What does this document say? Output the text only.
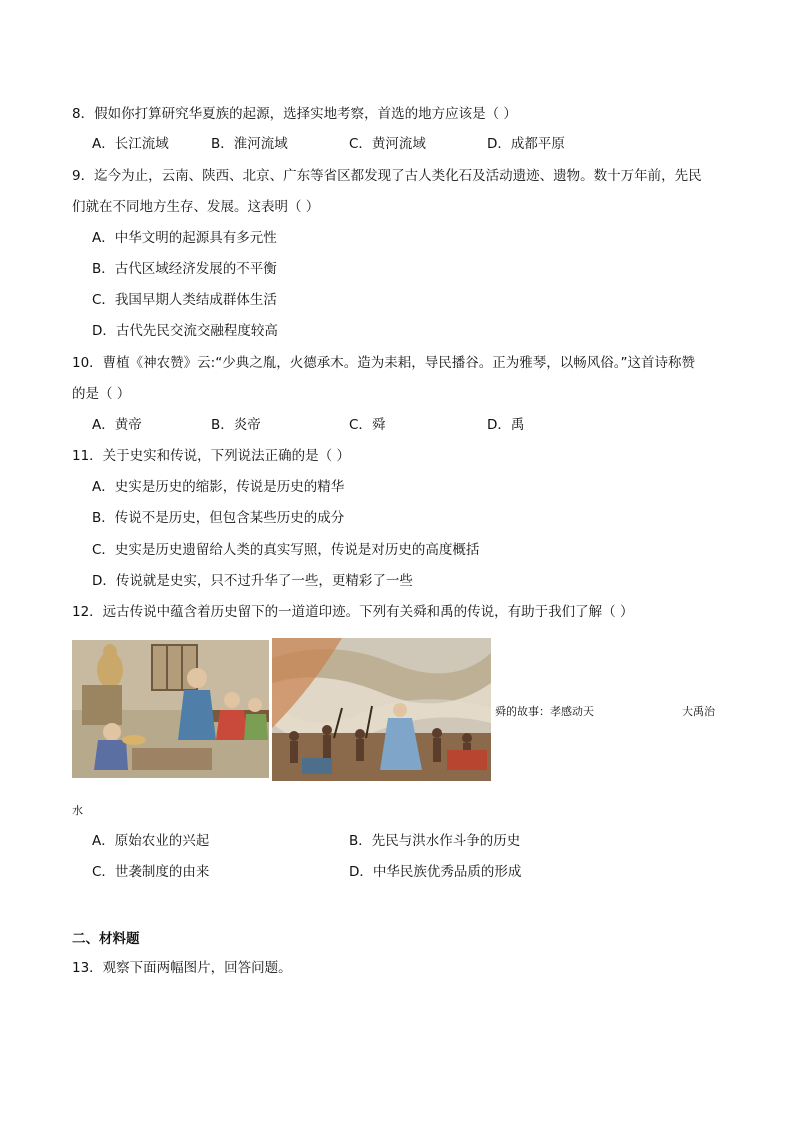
8．假如你打算研究华夏族的起源，选择实地考察，首选的地方应该是（ ）
A．长江流域	B．淮河流域	C．黄河流域	D．成都平原
9．迄今为止，云南、陕西、北京、广东等省区都发现了古人类化石及活动遗迹、遗物。数十万年前，先民
们就在不同地方生存、发展。这表明（ ）
A．中华文明的起源具有多元性
B．古代区域经济发展的不平衡
C．我国早期人类结成群体生活
D．古代先民交流交融程度较高
10．曹植《神农赞》云:“少典之胤，火德承木。造为耒耜，导民播谷。正为雅琴，以畅风俗。”这首诗称赞
的是（ ）
A．黄帝	B．炎帝	C．舜	D．禹
11．关于史实和传说，下列说法正确的是（ ）
A．史实是历史的缩影，传说是历史的精华
B．传说不是历史，但包含某些历史的成分
C．史实是历史遗留给人类的真实写照，传说是对历史的高度概括
D．传说就是史实，只不过升华了一些，更精彩了一些
12．远古传说中蕴含着历史留下的一道道印迹。下列有关舜和禹的传说，有助于我们了解（ ）
舜的故事：孝感动天	大禹治
水
A．原始农业的兴起	B．先民与洪水作斗争的历史
C．世袭制度的由来	D．中华民族优秀品质的形成
二、材料题
13．观察下面两幅图片，回答问题。
